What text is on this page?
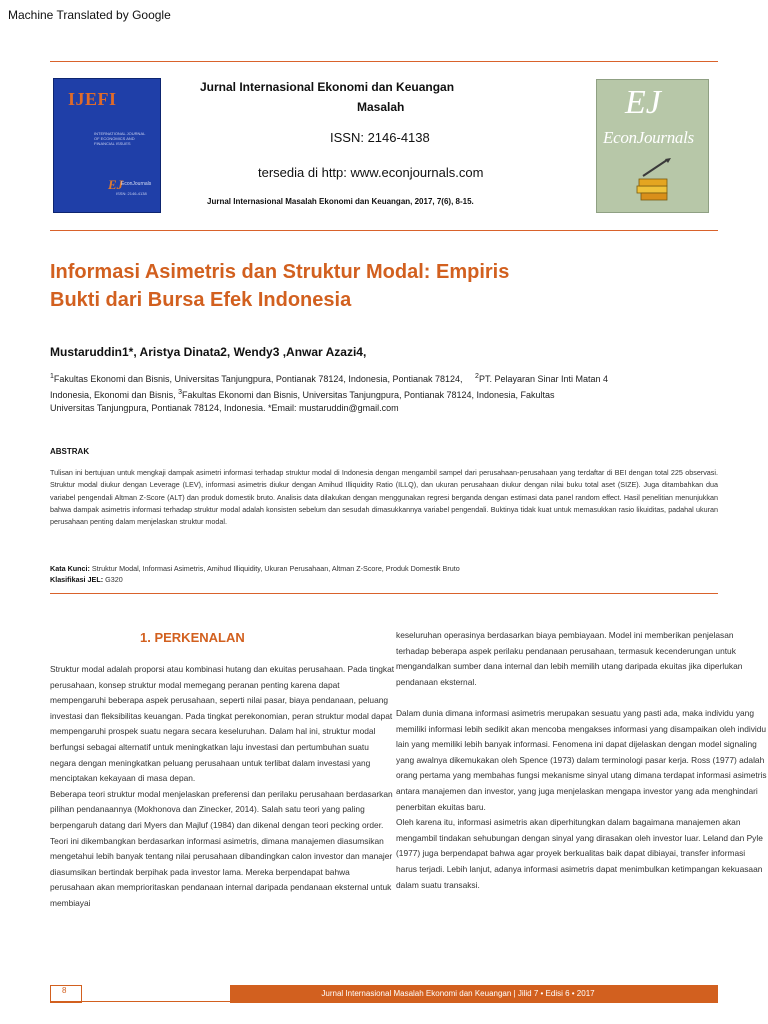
Machine Translated by Google
IJEFI
INTERNATIONAL JOURNAL OF ECONOMICS AND FINANCIAL ISSUES
EJ
EconJournals
ISSN: 2146-4138
Jurnal Internasional Ekonomi dan Keuangan
Masalah
ISSN: 2146-4138
tersedia di http: www.econjournals.com
Jurnal Internasional Masalah Ekonomi dan Keuangan, 2017, 7(6), 8-15.
EJ
EconJournals
Informasi Asimetris dan Struktur Modal: Empiris
Bukti dari Bursa Efek Indonesia
Mustaruddin1*, Aristya Dinata2, Wendy3 ,Anwar Azazi4,
$^1$Fakultas Ekonomi dan Bisnis, Universitas Tanjungpura, Pontianak 78124, Indonesia, Pontianak 78124, $^2$PT. Pelayaran Sinar Inti Matan 4
Indonesia, Ekonomi dan Bisnis, $^3$Fakultas Ekonomi dan Bisnis, Universitas Tanjungpura, Pontianak 78124, Indonesia, Fakultas
Universitas Tanjungpura, Pontianak 78124, Indonesia. *Email: mustaruddin@gmail.com
ABSTRAK
Tulisan ini bertujuan untuk mengkaji dampak asimetri informasi terhadap struktur modal di Indonesia dengan mengambil sampel dari perusahaan-perusahaan yang terdaftar di BEI dengan total 225 observasi. Struktur modal diukur dengan Leverage (LEV), informasi asimetris diukur dengan Amihud Illiquidity Ratio (ILLQ), dan ukuran perusahaan diukur dengan nilai buku total aset (SIZE). Juga ditambahkan dua variabel pengendali Altman Z-Score (ALT) dan produk domestik bruto. Analisis data dilakukan dengan menggunakan regresi berganda dengan estimasi data panel random effect. Hasil penelitian menunjukkan bahwa dampak asimetris informasi terhadap struktur modal adalah konsisten sebelum dan sesudah dimasukkannya variabel pengendali. Buktinya tidak kuat untuk memasukkan rasio likuiditas, padahal ukuran perusahaan penting dalam menjelaskan struktur modal.
Kata Kunci: Struktur Modal, Informasi Asimetris, Amihud Illiquidity, Ukuran Perusahaan, Altman Z-Score, Produk Domestik Bruto
Klasifikasi JEL: G320
1. PERKENALAN

Struktur modal adalah proporsi atau kombinasi hutang dan ekuitas perusahaan. Pada tingkat perusahaan, konsep struktur modal memegang peranan penting karena dapat mempengaruhi beberapa aspek perusahaan, seperti nilai pasar, biaya pendanaan, peluang investasi dan fleksibilitas keuangan. Pada tingkat perekonomian, peran struktur modal dapat mempengaruhi prospek suatu negara secara keseluruhan. Dalam hal ini, struktur modal berfungsi sebagai alternatif untuk meningkatkan laju investasi dan pertumbuhan suatu negara dengan meningkatkan peluang perusahaan untuk terlibat dalam investasi yang menciptakan kekayaan di masa depan.

Beberapa teori struktur modal menjelaskan preferensi dan perilaku perusahaan berdasarkan pilihan pendanaannya (Mokhonova dan Zinecker, 2014). Salah satu teori yang paling berpengaruh datang dari Myers dan Majluf (1984) dan dikenal dengan teori pecking order.

Teori ini dikembangkan berdasarkan informasi asimetris, dimana manajemen diasumsikan mengetahui lebih banyak tentang nilai perusahaan dibandingkan calon investor dan manajer diasumsikan bertindak berpihak pada investor lama. Mereka berpendapat bahwa perusahaan akan memprioritaskan pendanaan internal daripada pendanaan eksternal untuk membiayai

keseluruhan operasinya berdasarkan biaya pembiayaan. Model ini memberikan penjelasan terhadap beberapa aspek perilaku pendanaan perusahaan, termasuk kecenderungan untuk mengandalkan sumber dana internal dan lebih memilih utang daripada ekuitas jika diperlukan pendanaan eksternal.

Dalam dunia dimana informasi asimetris merupakan sesuatu yang pasti ada, maka individu yang memiliki informasi lebih sedikit akan mencoba mengakses informasi yang disampaikan oleh individu lain yang memiliki lebih banyak informasi. Fenomena ini dapat dijelaskan dengan model signaling yang awalnya dikemukakan oleh Spence (1973) dalam terminologi pasar kerja. Ross (1977) adalah orang pertama yang membahas fungsi mekanisme sinyal utang dimana terdapat informasi asimetris antara manajemen dan investor, yang juga menjelaskan mengapa investor yang ada menghindari penerbitan ekuitas baru.

Oleh karena itu, informasi asimetris akan diperhitungkan dalam bagaimana manajemen akan mengambil tindakan sehubungan dengan sinyal yang dirasakan oleh investor luar. Leland dan Pyle (1977) juga berpendapat bahwa agar proyek berkualitas baik dapat dibiayai, transfer informasi harus terjadi. Lebih lanjut, adanya informasi asimetris dapat menimbulkan ketimpangan kekuasaan dalam suatu transaksi.

8	Jurnal Internasional Masalah Ekonomi dan Keuangan | Jilid 7 • Edisi 6 • 2017
